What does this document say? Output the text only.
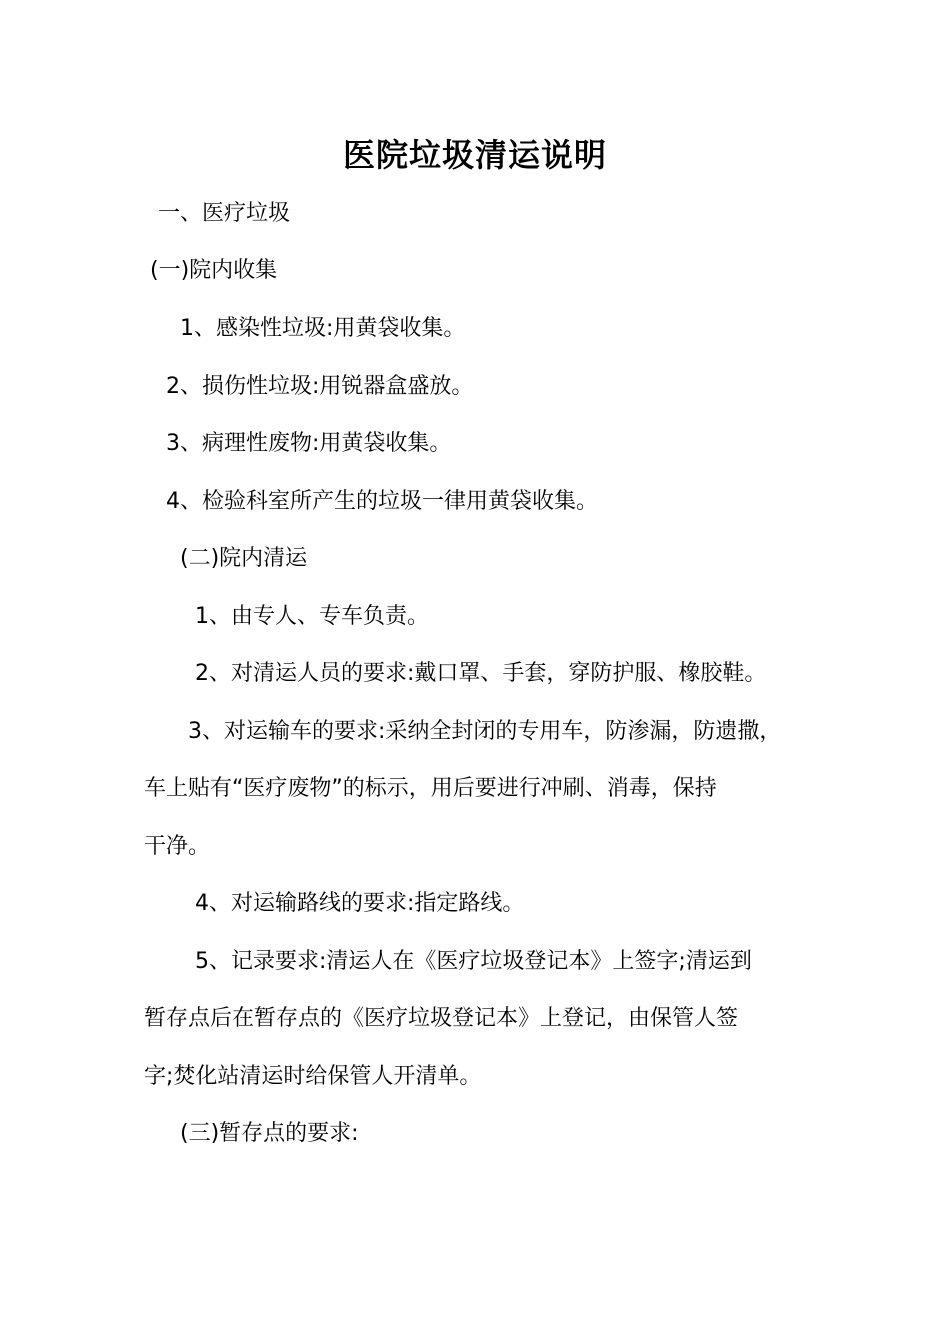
医院垃圾清运说明
一、医疗垃圾
(一)院内收集
1、感染性垃圾:用黄袋收集。
2、损伤性垃圾:用锐器盒盛放。
3、病理性废物:用黄袋收集。
4、检验科室所产生的垃圾一律用黄袋收集。
(二)院内清运
1、由专人、专车负责。
2、对清运人员的要求:戴口罩、手套，穿防护服、橡胶鞋。
3、对运输车的要求:采纳全封闭的专用车，防渗漏，防遗撒，
车上贴有“医疗废物”的标示，用后要进行冲刷、消毒，保持
干净。
4、对运输路线的要求:指定路线。
5、记录要求:清运人在《医疗垃圾登记本》上签字;清运到
暂存点后在暂存点的《医疗垃圾登记本》上登记，由保管人签
字;焚化站清运时给保管人开清单。
(三)暂存点的要求:
